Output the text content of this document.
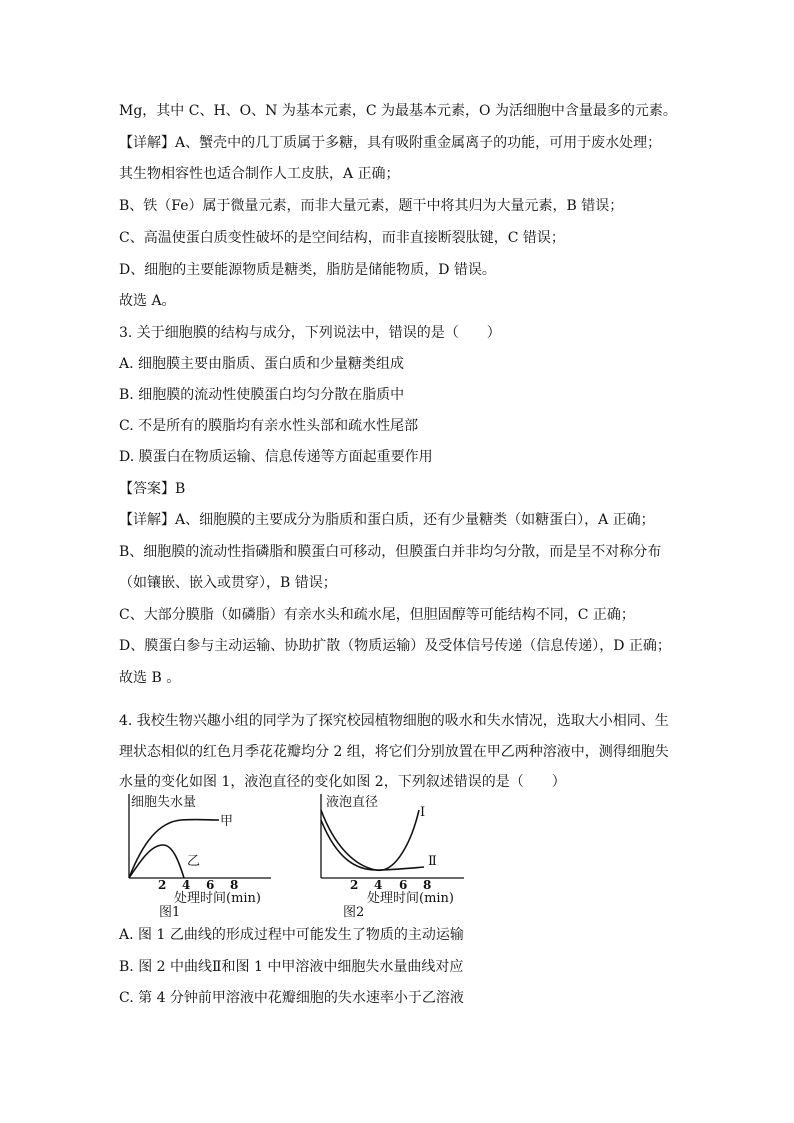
Mg，其中 C、H、O、N 为基本元素，C 为最基本元素，O 为活细胞中含量最多的元素。
【详解】A、蟹壳中的几丁质属于多糖，具有吸附重金属离子的功能，可用于废水处理；
其生物相容性也适合制作人工皮肤，A 正确；
B、铁（Fe）属于微量元素，而非大量元素，题干中将其归为大量元素，B 错误；
C、高温使蛋白质变性破坏的是空间结构，而非直接断裂肽键，C 错误；
D、细胞的主要能源物质是糖类，脂肪是储能物质，D 错误。
故选 A。
3. 关于细胞膜的结构与成分，下列说法中，错误的是（　　）
A. 细胞膜主要由脂质、蛋白质和少量糖类组成
B. 细胞膜的流动性使膜蛋白均匀分散在脂质中
C. 不是所有的膜脂均有亲水性头部和疏水性尾部
D. 膜蛋白在物质运输、信息传递等方面起重要作用
【答案】B
【详解】A、细胞膜的主要成分为脂质和蛋白质，还有少量糖类（如糖蛋白），A 正确；
B、细胞膜的流动性指磷脂和膜蛋白可移动，但膜蛋白并非均匀分散，而是呈不对称分布
（如镶嵌、嵌入或贯穿），B 错误；
C、大部分膜脂（如磷脂）有亲水头和疏水尾，但胆固醇等可能结构不同，C 正确；
D、膜蛋白参与主动运输、协助扩散（物质运输）及受体信号传递（信息传递），D 正确；
故选 B 。
4. 我校生物兴趣小组的同学为了探究校园植物细胞的吸水和失水情况，选取大小相同、生
理状态相似的红色月季花花瓣均分 2 组，将它们分别放置在甲乙两种溶液中，测得细胞失
水量的变化如图 1，液泡直径的变化如图 2，下列叙述错误的是（　　）
细胞失水量
甲
乙
2 4 6 8
处理时间(min)
图1
液泡直径
I
Ⅱ
2 4 6 8
处理时间(min)
图2
A. 图 1 乙曲线的形成过程中可能发生了物质的主动运输
B. 图 2 中曲线Ⅱ和图 1 中甲溶液中细胞失水量曲线对应
C. 第 4 分钟前甲溶液中花瓣细胞的失水速率小于乙溶液
